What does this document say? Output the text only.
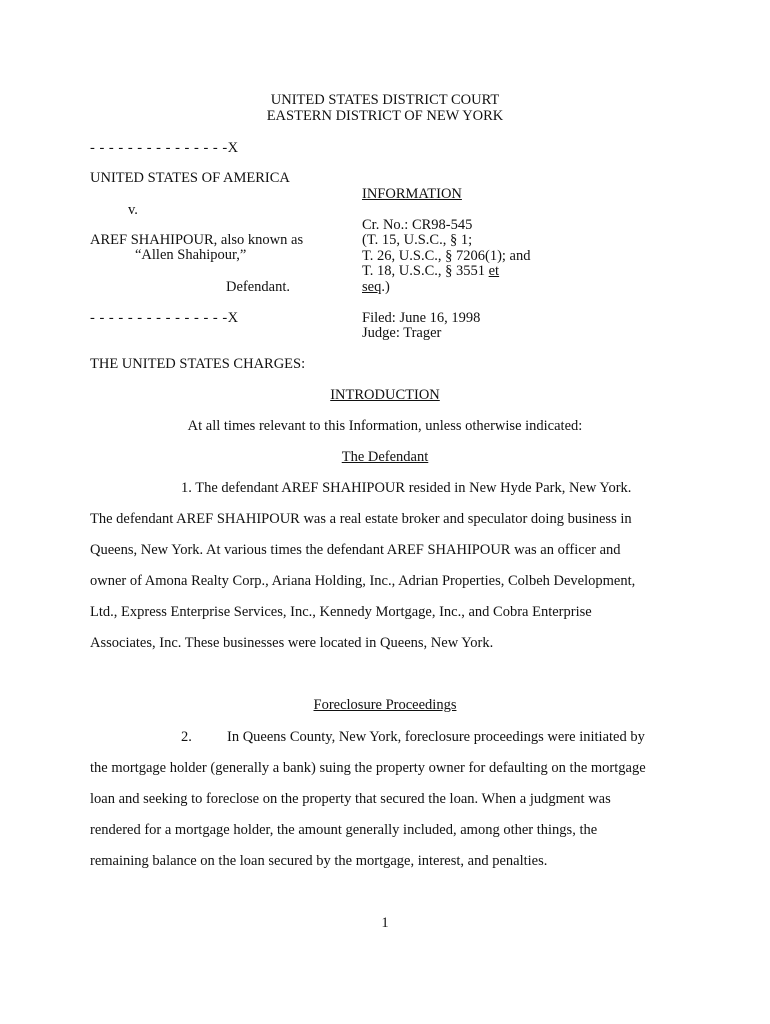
UNITED STATES DISTRICT COURT
EASTERN DISTRICT OF NEW YORK
- - - - - - - - - - - - - - -X
UNITED STATES OF AMERICA
v.
AREF SHAHIPOUR, also known as
“Allen Shahipour,”
Defendant.
- - - - - - - - - - - - - - -X
INFORMATION
Cr. No.: CR98-545
(T. 15, U.S.C., § 1;
T. 26, U.S.C., § 7206(1); and
T. 18, U.S.C., § 3551 et
seq.)
Filed: June 16, 1998
Judge: Trager
THE UNITED STATES CHARGES:
INTRODUCTION
At all times relevant to this Information, unless otherwise indicated:
The Defendant
1. The defendant AREF SHAHIPOUR resided in New Hyde Park, New York.
The defendant AREF SHAHIPOUR was a real estate broker and speculator doing business in
Queens, New York. At various times the defendant AREF SHAHIPOUR was an officer and
owner of Amona Realty Corp., Ariana Holding, Inc., Adrian Properties, Colbeh Development,
Ltd., Express Enterprise Services, Inc., Kennedy Mortgage, Inc., and Cobra Enterprise
Associates, Inc. These businesses were located in Queens, New York.
Foreclosure Proceedings
2. In Queens County, New York, foreclosure proceedings were initiated by
the mortgage holder (generally a bank) suing the property owner for defaulting on the mortgage
loan and seeking to foreclose on the property that secured the loan. When a judgment was
rendered for a mortgage holder, the amount generally included, among other things, the
remaining balance on the loan secured by the mortgage, interest, and penalties.
1
